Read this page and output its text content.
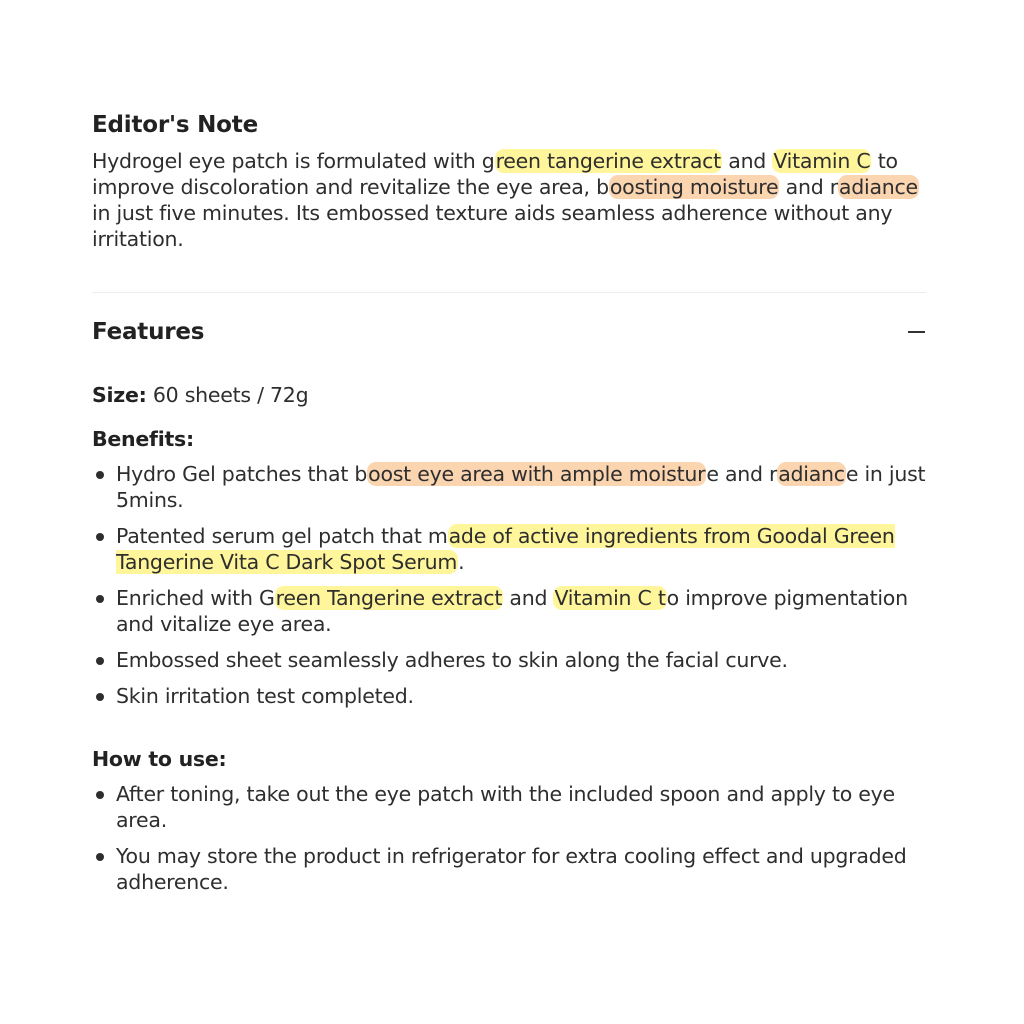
Editor's Note

Hydrogel eye patch is formulated with green tangerine extract and Vitamin C to improve discoloration and revitalize the eye area, boosting moisture and radiance in just five minutes. Its embossed texture aids seamless adherence without any irritation.

Features
Size: 60 sheets / 72g
Benefits:
Hydro Gel patches that boost eye area with ample moisture and radiance in just 5mins.
Patented serum gel patch that made of active ingredients from Goodal Green Tangerine Vita C Dark Spot Serum.
Enriched with Green Tangerine extract and Vitamin C to improve pigmentation and vitalize eye area.
Embossed sheet seamlessly adheres to skin along the facial curve.
Skin irritation test completed.
How to use:
After toning, take out the eye patch with the included spoon and apply to eye area.
You may store the product in refrigerator for extra cooling effect and upgraded adherence.
